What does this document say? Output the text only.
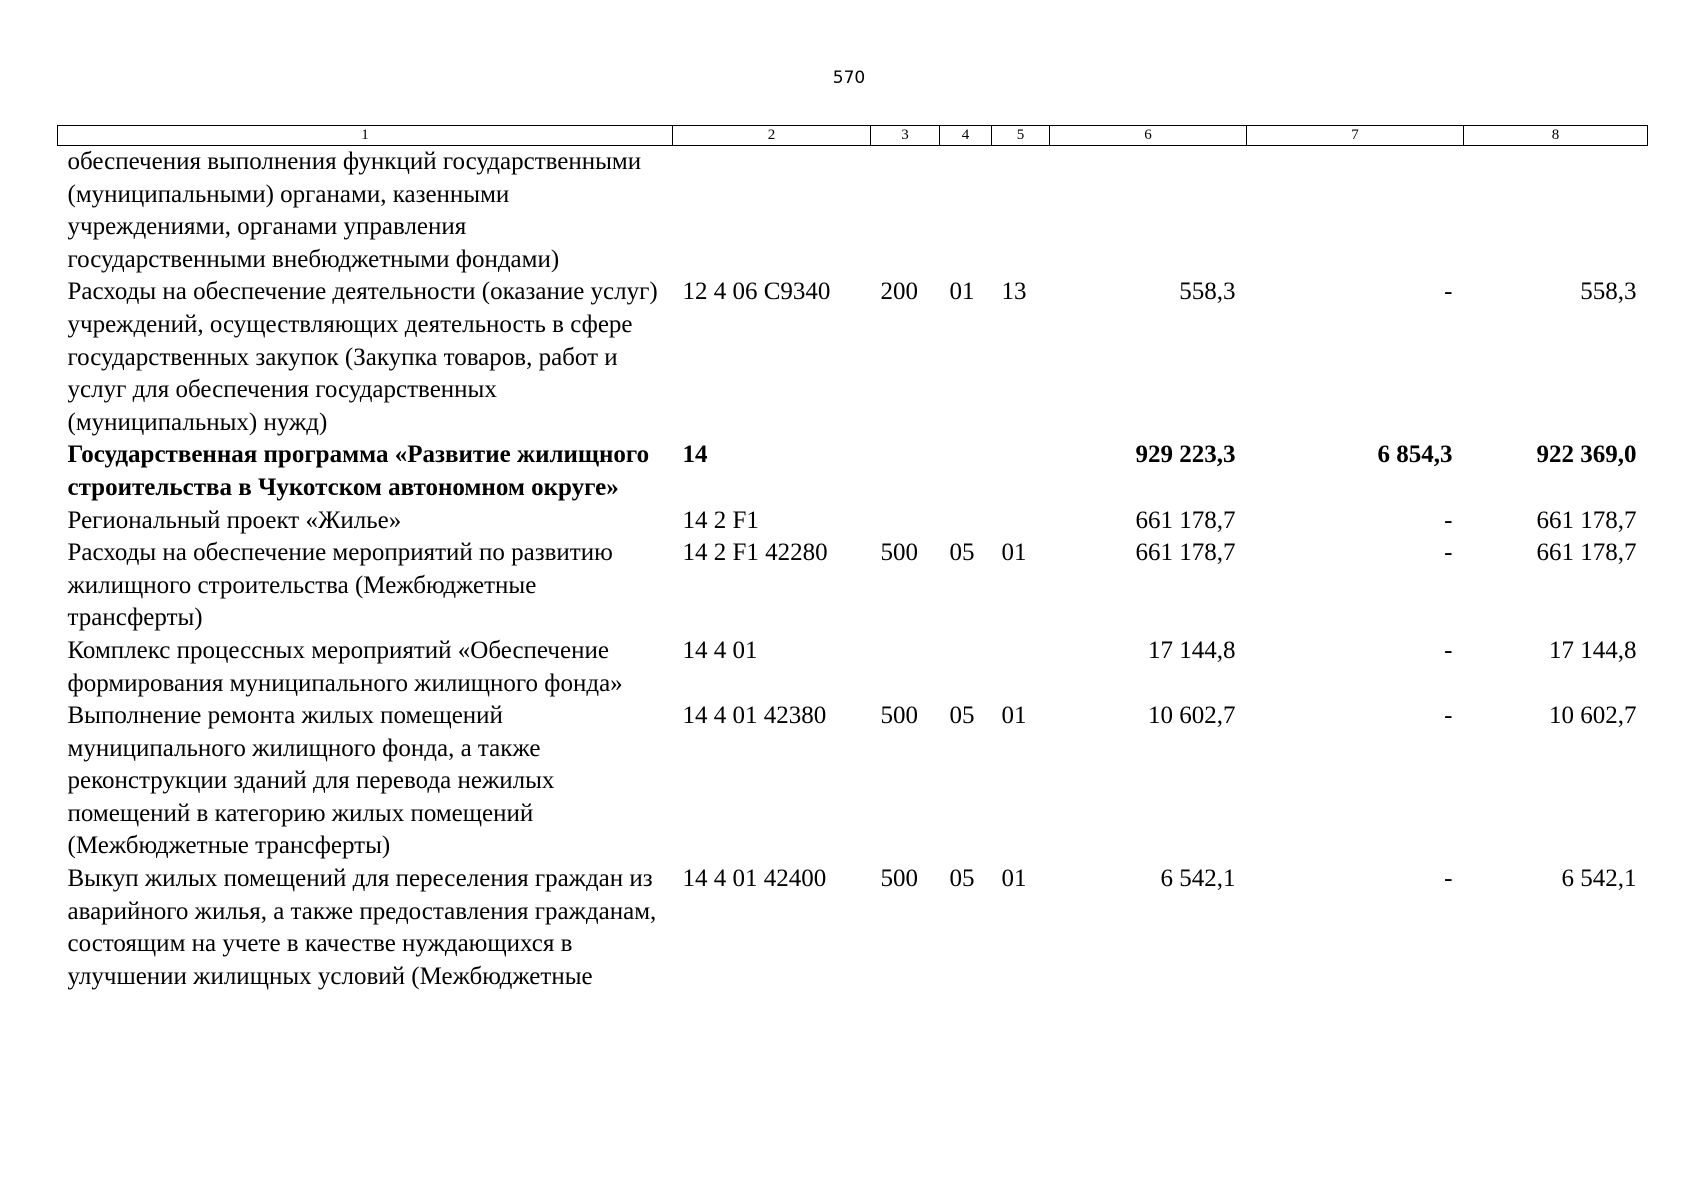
570
1	2	3	4	5	6	7	8
обеспечения выполнения функций государственными (муниципальными) органами, казенными учреждениями, органами управления государственными внебюджетными фондами)							
Расходы на обеспечение деятельности (оказание услуг) учреждений, осуществляющих деятельность в сфере государственных закупок (Закупка товаров, работ и услуг для обеспечения государственных (муниципальных) нужд)	12 4 06 С9340	200	01	13	558,3	-	558,3
Государственная программа «Развитие жилищного строительства в Чукотском автономном округе»	14				929 223,3	6 854,3	922 369,0
Региональный проект «Жилье»	14 2 F1				661 178,7	-	661 178,7
Расходы на обеспечение мероприятий по развитию жилищного строительства (Межбюджетные трансферты)	14 2 F1 42280	500	05	01	661 178,7	-	661 178,7
Комплекс процессных мероприятий «Обеспечение формирования муниципального жилищного фонда»	14 4 01				17 144,8	-	17 144,8
Выполнение ремонта жилых помещений муниципального жилищного фонда, а также реконструкции зданий для перевода нежилых помещений в категорию жилых помещений (Межбюджетные трансферты)	14 4 01 42380	500	05	01	10 602,7	-	10 602,7
Выкуп жилых помещений для переселения граждан из аварийного жилья, а также предоставления гражданам, состоящим на учете в качестве нуждающихся в улучшении жилищных условий (Межбюджетные	14 4 01 42400	500	05	01	6 542,1	-	6 542,1
